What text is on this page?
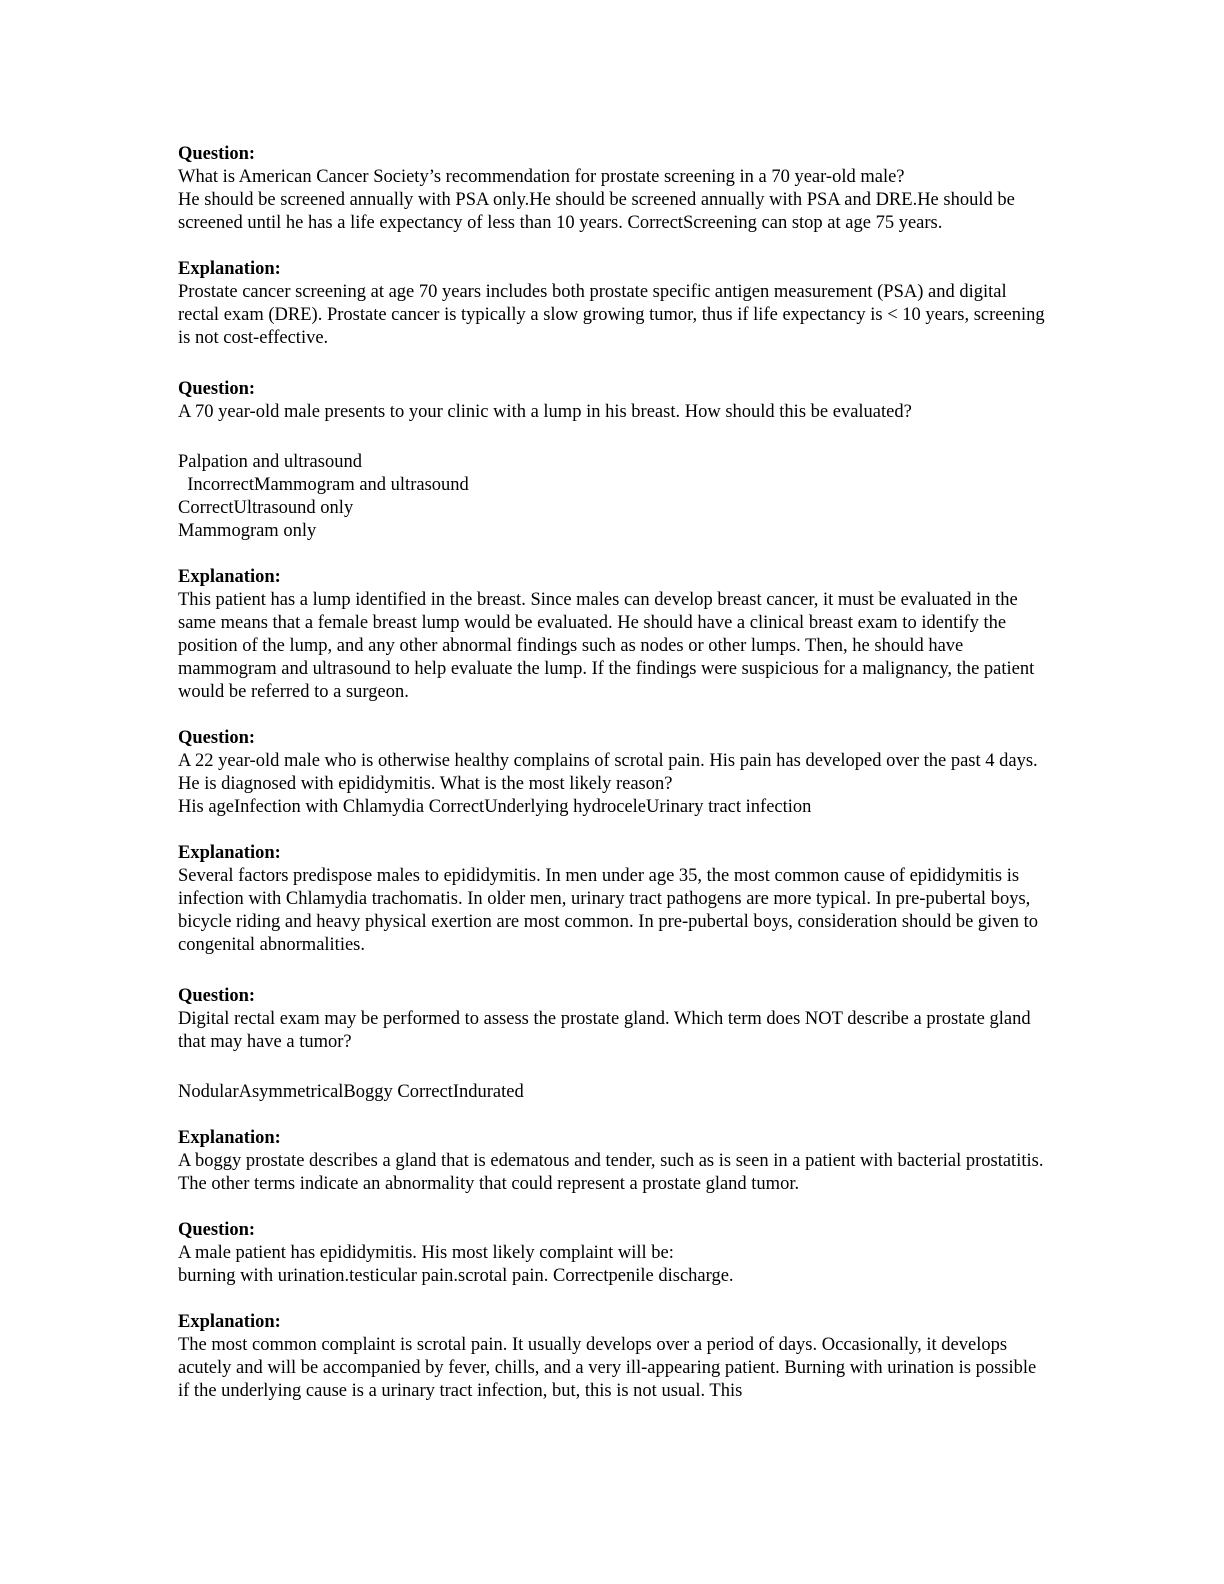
Question:
What is American Cancer Society’s recommendation for prostate screening in a 70 year-old male?
He should be screened annually with PSA only.He should be screened annually with PSA and DRE.He should be screened until he has a life expectancy of less than 10 years. CorrectScreening can stop at age 75 years.
Explanation:
Prostate cancer screening at age 70 years includes both prostate specific antigen measurement (PSA) and digital rectal exam (DRE). Prostate cancer is typically a slow growing tumor, thus if life expectancy is < 10 years, screening is not cost-effective.
Question:
A 70 year-old male presents to your clinic with a lump in his breast. How should this be evaluated?
Palpation and ultrasound
IncorrectMammogram and ultrasound
CorrectUltrasound only
Mammogram only
Explanation:
This patient has a lump identified in the breast. Since males can develop breast cancer, it must be evaluated in the same means that a female breast lump would be evaluated. He should have a clinical breast exam to identify the position of the lump, and any other abnormal findings such as nodes or other lumps. Then, he should have mammogram and ultrasound to help evaluate the lump. If the findings were suspicious for a malignancy, the patient would be referred to a surgeon.
Question:
A 22 year-old male who is otherwise healthy complains of scrotal pain. His pain has developed over the past 4 days. He is diagnosed with epididymitis. What is the most likely reason?
His ageInfection with Chlamydia CorrectUnderlying hydroceleUrinary tract infection
Explanation:
Several factors predispose males to epididymitis. In men under age 35, the most common cause of epididymitis is infection with Chlamydia trachomatis. In older men, urinary tract pathogens are more typical. In pre-pubertal boys, bicycle riding and heavy physical exertion are most common. In pre-pubertal boys, consideration should be given to congenital abnormalities.
Question:
Digital rectal exam may be performed to assess the prostate gland. Which term does NOT describe a prostate gland that may have a tumor?
NodularAsymmetricalBoggy CorrectIndurated
Explanation:
A boggy prostate describes a gland that is edematous and tender, such as is seen in a patient with bacterial prostatitis. The other terms indicate an abnormality that could represent a prostate gland tumor.
Question:
A male patient has epididymitis. His most likely complaint will be:
burning with urination.testicular pain.scrotal pain. Correctpenile discharge.
Explanation:
The most common complaint is scrotal pain. It usually develops over a period of days. Occasionally, it develops acutely and will be accompanied by fever, chills, and a very ill-appearing patient. Burning with urination is possible if the underlying cause is a urinary tract infection, but, this is not usual. This
